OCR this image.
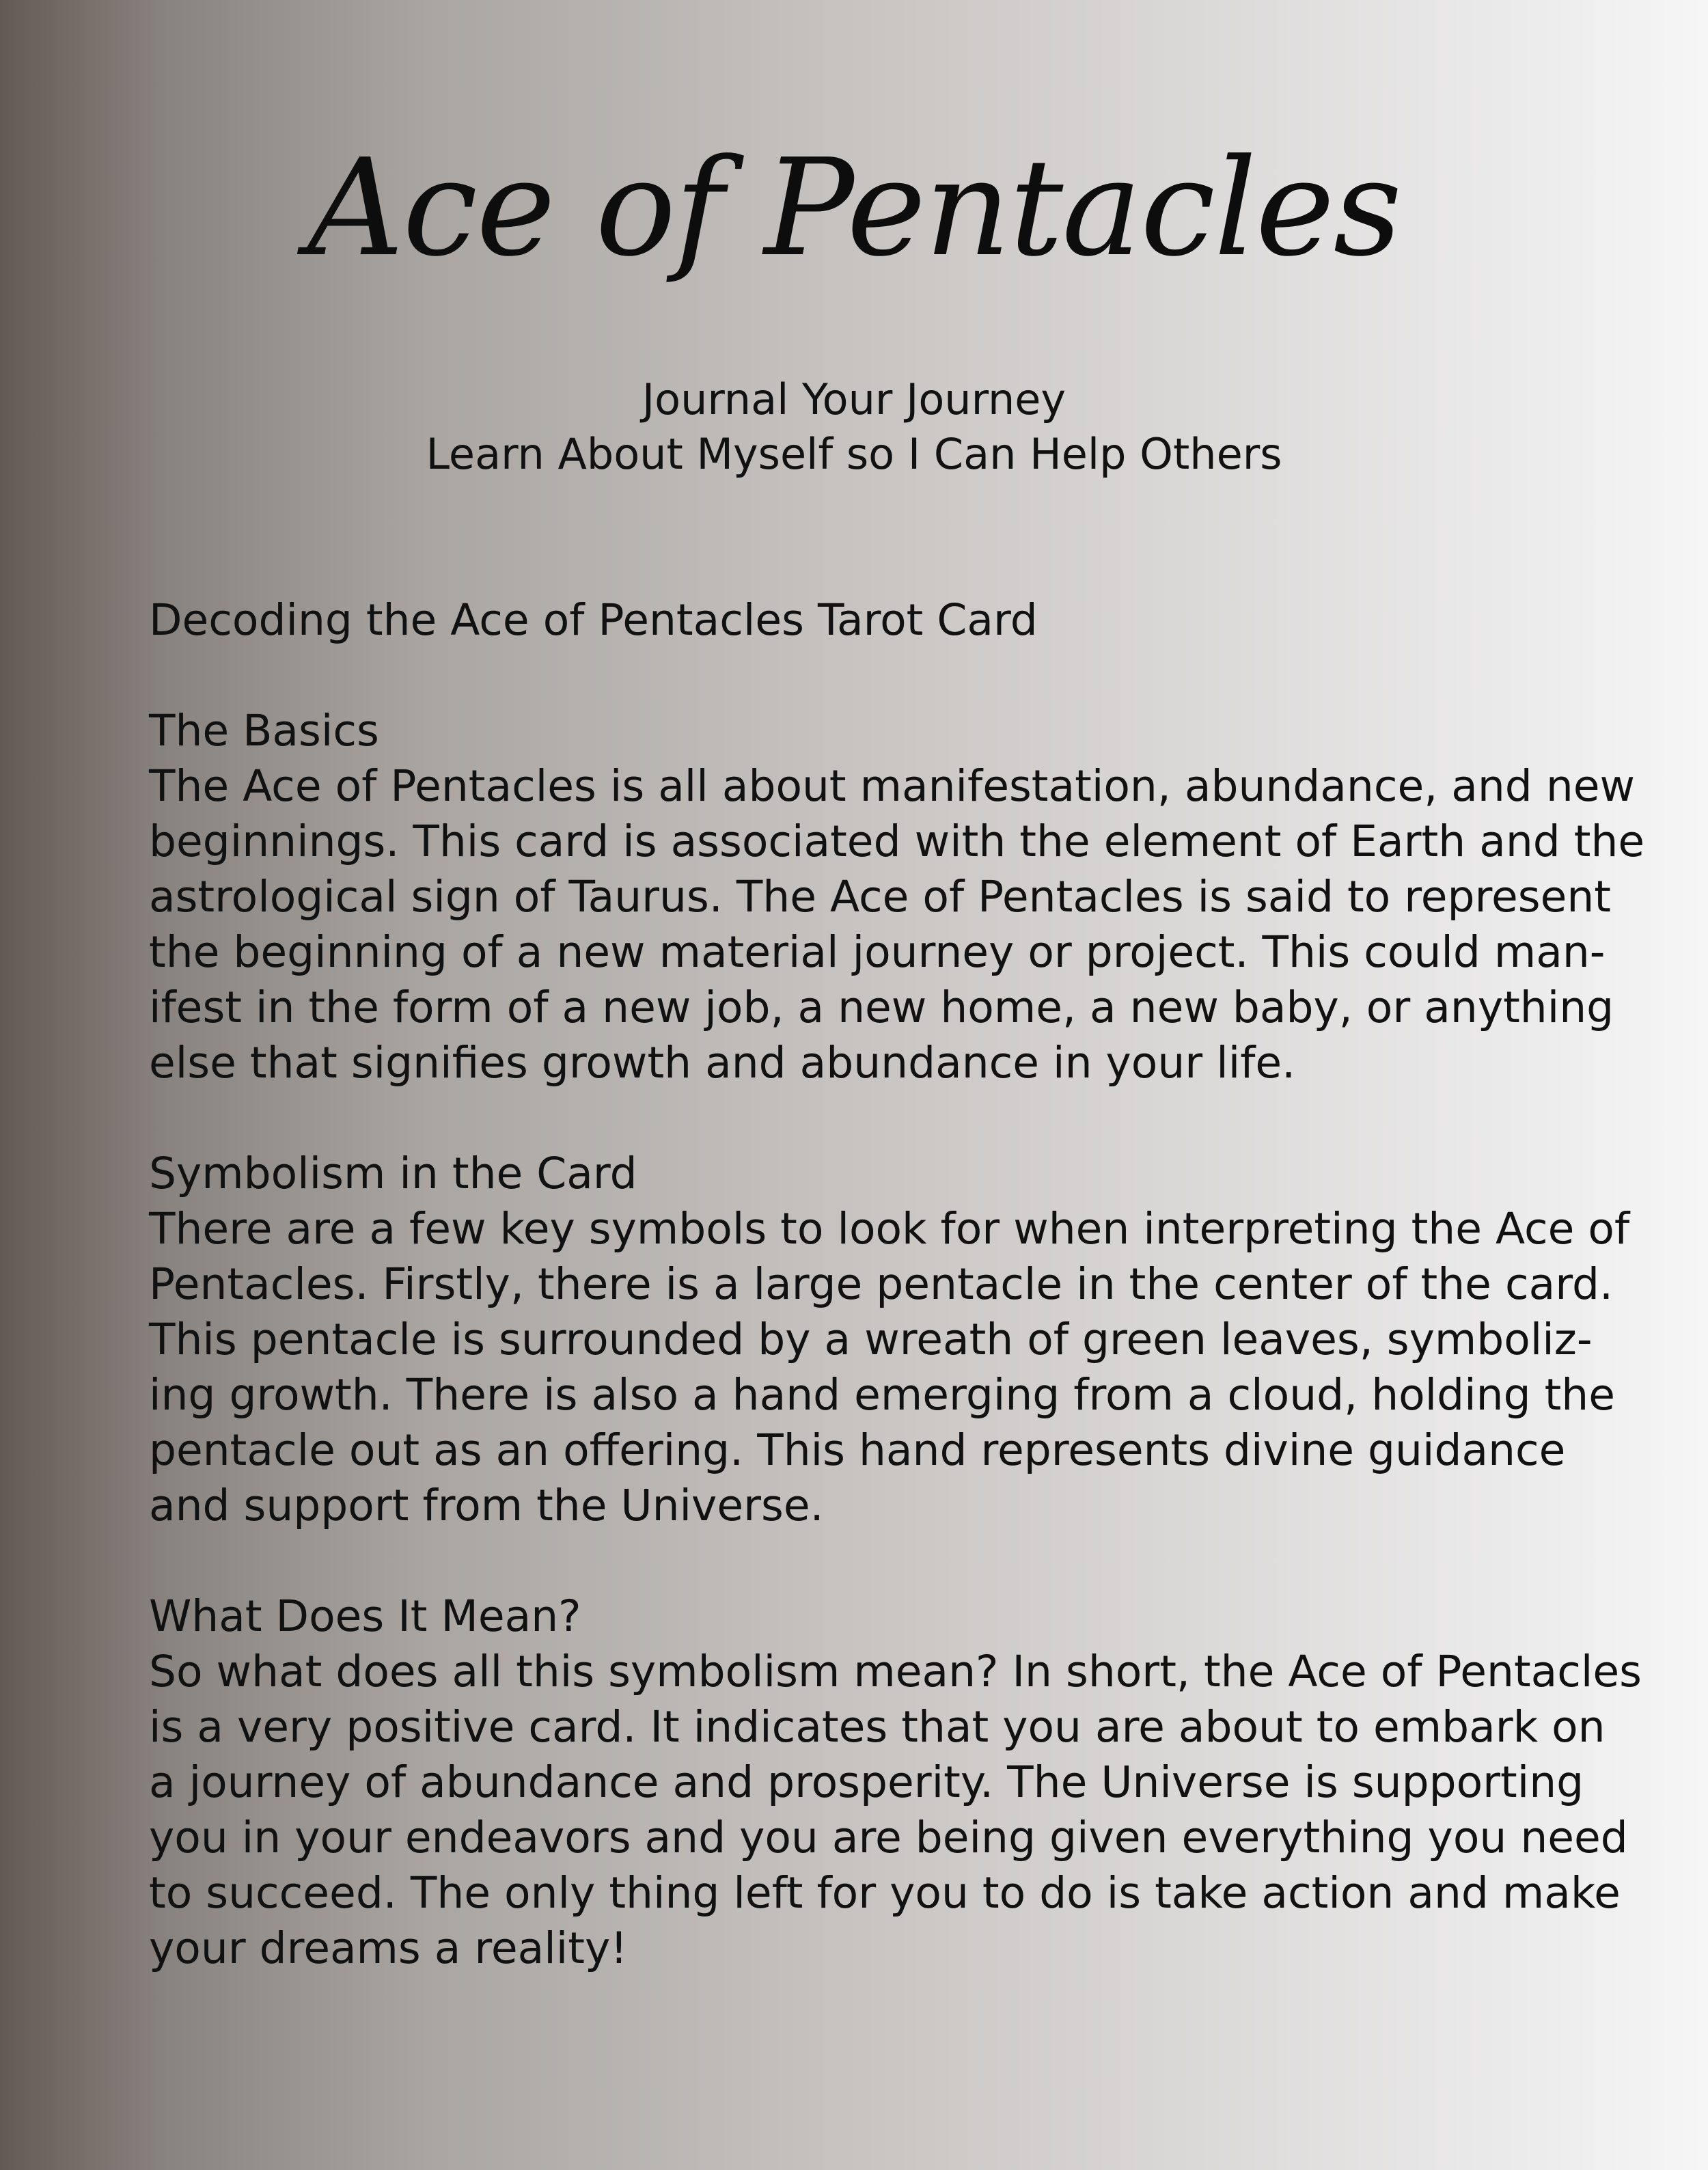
Ace of Pentacles
Journal Your Journey
Learn About Myself so I Can Help Others
Decoding the Ace of Pentacles Tarot Card
The Basics
The Ace of Pentacles is all about manifestation, abundance, and new
beginnings. This card is associated with the element of Earth and the
astrological sign of Taurus. The Ace of Pentacles is said to represent
the beginning of a new material journey or project. This could man-
ifest in the form of a new job, a new home, a new baby, or anything
else that signifies growth and abundance in your life.
Symbolism in the Card
There are a few key symbols to look for when interpreting the Ace of
Pentacles. Firstly, there is a large pentacle in the center of the card.
This pentacle is surrounded by a wreath of green leaves, symboliz-
ing growth. There is also a hand emerging from a cloud, holding the
pentacle out as an offering. This hand represents divine guidance
and support from the Universe.
What Does It Mean?
So what does all this symbolism mean? In short, the Ace of Pentacles
is a very positive card. It indicates that you are about to embark on
a journey of abundance and prosperity. The Universe is supporting
you in your endeavors and you are being given everything you need
to succeed. The only thing left for you to do is take action and make
your dreams a reality!
